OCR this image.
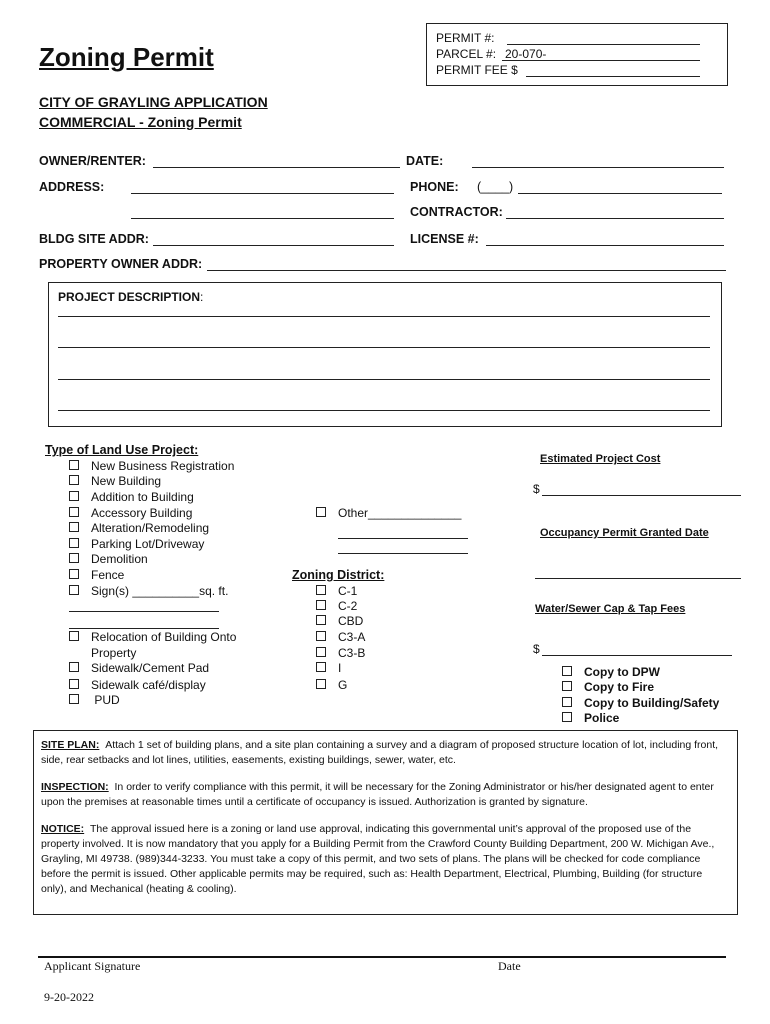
PERMIT #:
PARCEL #: 20-070-
PERMIT FEE $
Zoning Permit
CITY OF GRAYLING APPLICATION
COMMERCIAL - Zoning Permit
OWNER/RENTER:	DATE:
ADDRESS:	PHONE: (____)
CONTRACTOR:
BLDG SITE ADDR:	LICENSE #:
PROPERTY OWNER ADDR:
PROJECT DESCRIPTION:
Type of Land Use Project:
New Business Registration
New Building
Addition to Building
Accessory Building
Alteration/Remodeling
Parking Lot/Driveway
Demolition
Fence
Sign(s) __________sq. ft.
Relocation of Building Onto
Property
Sidewalk/Cement Pad
Sidewalk café/display
PUD
Other______________
Zoning District:
C-1
C-2
CBD
C3-A
C3-B
I
G
Estimated Project Cost
$
Occupancy Permit Granted Date
Water/Sewer Cap & Tap Fees
$
Copy to DPW
Copy to Fire
Copy to Building/Safety
Police

SITE PLAN: Attach 1 set of building plans, and a site plan containing a survey and a diagram of proposed structure location of lot, including front, side, rear setbacks and lot lines, utilities, easements, existing buildings, sewer, water, etc.

INSPECTION: In order to verify compliance with this permit, it will be necessary for the Zoning Administrator or his/her designated agent to enter upon the premises at reasonable times until a certificate of occupancy is issued. Authorization is granted by signature.

NOTICE: The approval issued here is a zoning or land use approval, indicating this governmental unit’s approval of the proposed use of the property involved. It is now mandatory that you apply for a Building Permit from the Crawford County Building Department, 200 W. Michigan Ave., Grayling, MI 49738. (989)344-3233. You must take a copy of this permit, and two sets of plans. The plans will be checked for code compliance before the permit is issued. Other applicable permits may be required, such as: Health Department, Electrical, Plumbing, Building (for structure only), and Mechanical (heating & cooling).

Applicant Signature	Date
9-20-2022
